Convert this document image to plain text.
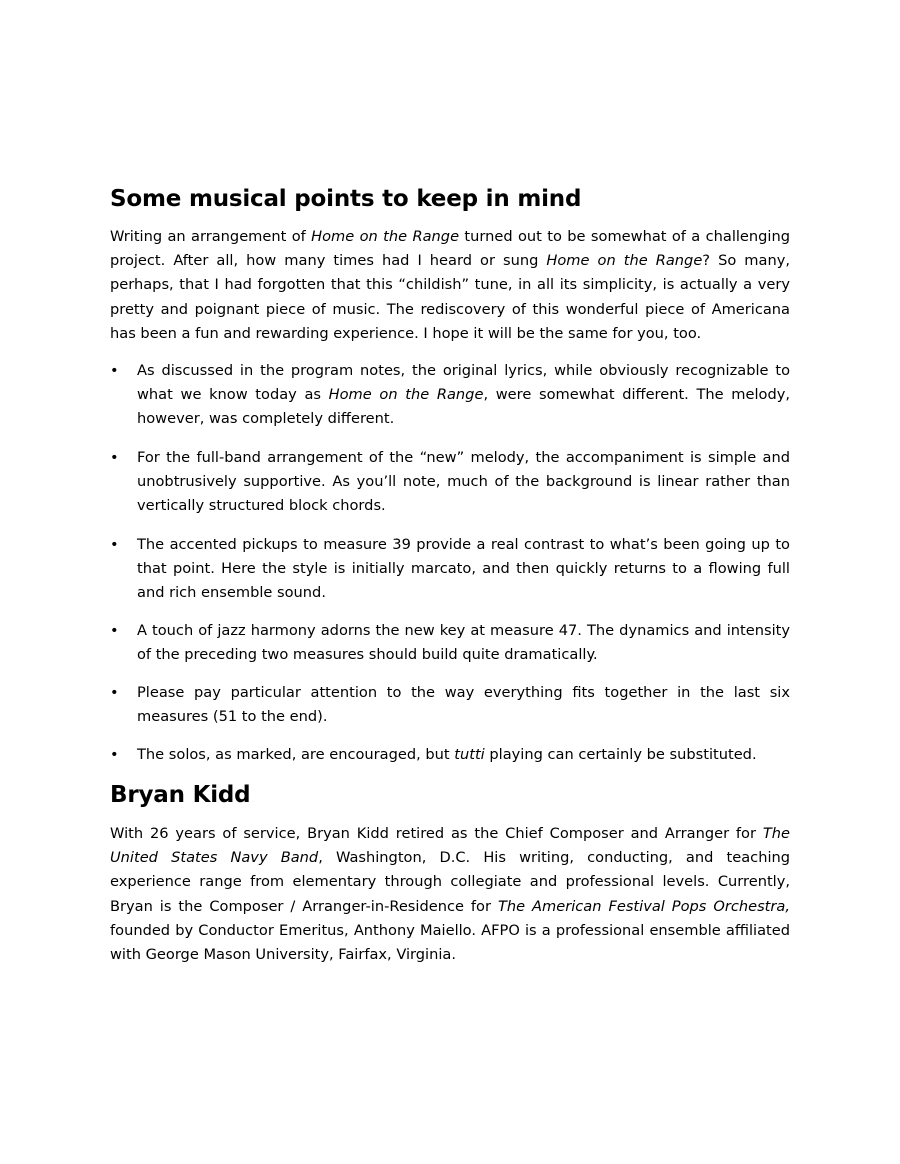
Some musical points to keep in mind

Writing an arrangement of Home on the Range turned out to be somewhat of a challenging project. After all, how many times had I heard or sung Home on the Range? So many, perhaps, that I had forgotten that this “childish” tune, in all its simplicity, is actually a very pretty and poignant piece of music. The rediscovery of this wonderful piece of Americana has been a fun and rewarding experience. I hope it will be the same for you, too.

• As discussed in the program notes, the original lyrics, while obviously recognizable to what we know today as Home on the Range, were somewhat different. The melody, however, was completely different.

• For the full-band arrangement of the “new” melody, the accompaniment is simple and unobtrusively supportive. As you’ll note, much of the background is linear rather than vertically structured block chords.

• The accented pickups to measure 39 provide a real contrast to what’s been going up to that point. Here the style is initially marcato, and then quickly returns to a flowing full and rich ensemble sound.

• A touch of jazz harmony adorns the new key at measure 47. The dynamics and intensity of the preceding two measures should build quite dramatically.

• Please pay particular attention to the way everything fits together in the last six measures (51 to the end).

• The solos, as marked, are encouraged, but tutti playing can certainly be substituted.

Bryan Kidd

With 26 years of service, Bryan Kidd retired as the Chief Composer and Arranger for The United States Navy Band, Washington, D.C. His writing, conducting, and teaching experience range from elementary through collegiate and professional levels. Currently, Bryan is the Composer / Arranger-in-Residence for The American Festival Pops Orchestra, founded by Conductor Emeritus, Anthony Maiello. AFPO is a professional ensemble affiliated with George Mason University, Fairfax, Virginia.
